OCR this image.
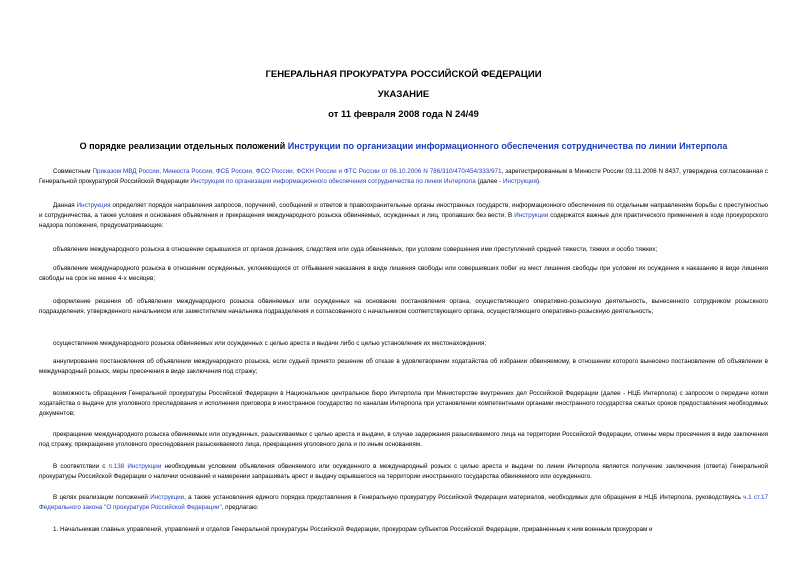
ГЕНЕРАЛЬНАЯ ПРОКУРАТУРА РОССИЙСКОЙ ФЕДЕРАЦИИ
УКАЗАНИЕ
от 11 февраля 2008 года N 24/49
О порядке реализации отдельных положений Инструкции по организации информационного обеспечения сотрудничества по линии Интерпола

Совместным Приказом МВД России, Минюста России, ФСБ России, ФСО России, ФСКН России и ФТС России от 06.10.2006 N 786/310/470/454/333/971, зарегистрированным в Минюсте России 03.11.2006 N 8437, утверждена согласованная с Генеральной прокуратурой Российской Федерации Инструкция по организации информационного обеспечения сотрудничества по линии Интерпола (далее - Инструкция).

Данная Инструкция определяет порядок направления запросов, поручений, сообщений и ответов в правоохранительные органы иностранных государств, информационного обеспечения по отдельным направлениям борьбы с преступностью и сотрудничества, а также условия и основания объявления и прекращения международного розыска обвиняемых, осужденных и лиц, пропавших без вести. В Инструкции содержатся важные для практического применения в ходе прокурорского надзора положения, предусматривающие:

объявление международного розыска в отношении скрывшихся от органов дознания, следствия или суда обвиняемых, при условии совершения ими преступлений средней тяжести, тяжких и особо тяжких;

объявление международного розыска в отношении осужденных, уклоняющихся от отбывания наказания в виде лишения свободы или совершивших побег из мест лишения свободы при условии их осуждения к наказанию в виде лишения свободы на срок не менее 4-х месяцев;

оформление решения об объявлении международного розыска обвиняемых или осужденных на основании постановления органа, осуществляющего оперативно-розыскную деятельность, вынесенного сотрудником розыскного подразделения, утвержденного начальником или заместителем начальника подразделения и согласованного с начальником соответствующего органа, осуществляющего оперативно-розыскную деятельность;

осуществление международного розыска обвиняемых или осужденных с целью ареста и выдачи либо с целью установления их местонахождения;

аннулирование постановления об объявлении международного розыска, если судьей принято решение об отказе в удовлетворении ходатайства об избрании обвиняемому, в отношении которого вынесено постановление об объявлении в международный розыск, меры пресечения в виде заключения под стражу;

возможность обращения Генеральной прокуратуры Российской Федерации в Национальное центральное бюро Интерпола при Министерстве внутренних дел Российской Федерации (далее - НЦБ Интерпола) с запросом о передаче копии ходатайства о выдаче для уголовного преследования и исполнения приговора в иностранное государство по каналам Интерпола при установлении компетентными органами иностранного государства сжатых сроков предоставления необходимых документов;

прекращение международного розыска обвиняемых или осужденных, разыскиваемых с целью ареста и выдачи, в случае задержания разыскиваемого лица на территории Российской Федерации, отмены меры пресечения в виде заключения под стражу, прекращения уголовного преследования разыскиваемого лица, прекращения уголовного дела и по иным основаниям.

В соответствии с п.138 Инструкции необходимым условием объявления обвиняемого или осужденного в международный розыск с целью ареста и выдачи по линии Интерпола является получение заключения (ответа) Генеральной прокуратуры Российской Федерации о наличии оснований и намерении запрашивать арест и выдачу скрывшегося на территории иностранного государства обвиняемого или осужденного.

В целях реализации положений Инструкции, а также установления единого порядка представления в Генеральную прокуратуру Российской Федерации материалов, необходимых для обращения в НЦБ Интерпола, руководствуясь ч.1 ст.17 Федерального закона "О прокуратуре Российской Федерации", предлагаю:

1. Начальникам главных управлений, управлений и отделов Генеральной прокуратуры Российской Федерации, прокурорам субъектов Российской Федерации, приравненным к ним военным прокурорам и
